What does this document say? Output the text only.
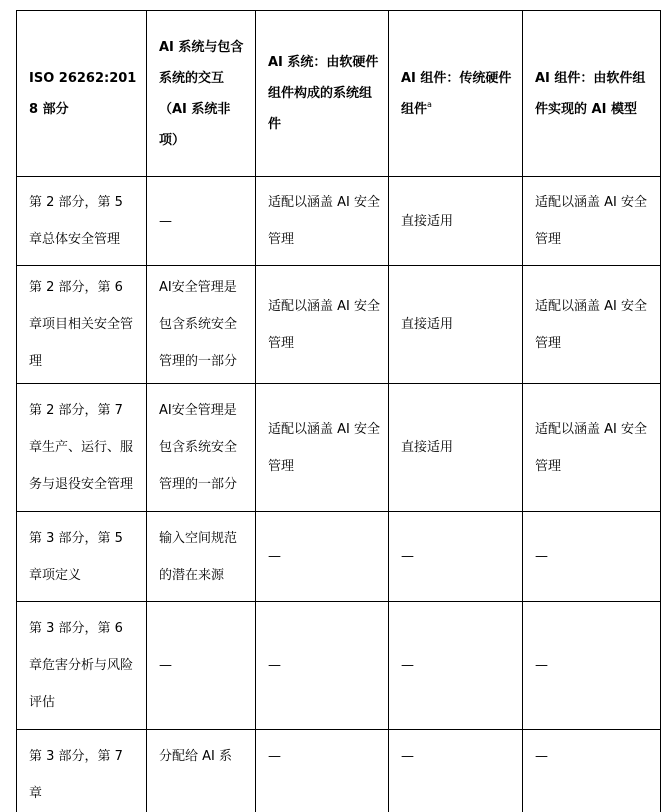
ISO 26262:2018 部分	AI 系统与包含系统的交互（AI 系统非项）	AI 系统：由软硬件组件构成的系统组件	AI 组件：传统硬件组件$^a$	AI 组件：由软件组件实现的 AI 模型
第 2 部分，第 5 章总体安全管理	—	适配以涵盖 AI 安全管理	直接适用	适配以涵盖 AI 安全管理
第 2 部分，第 6 章项目相关安全管理	AI安全管理是包含系统安全管理的一部分	适配以涵盖 AI 安全管理	直接适用	适配以涵盖 AI 安全管理
第 2 部分，第 7 章生产、运行、服务与退役安全管理	AI安全管理是包含系统安全管理的一部分	适配以涵盖 AI 安全管理	直接适用	适配以涵盖 AI 安全管理
第 3 部分，第 5 章项定义	输入空间规范的潜在来源	—	—	—
第 3 部分，第 6 章危害分析与风险评估	—	—	—	—
第 3 部分，第 7 章	分配给 AI 系	—	—	—
